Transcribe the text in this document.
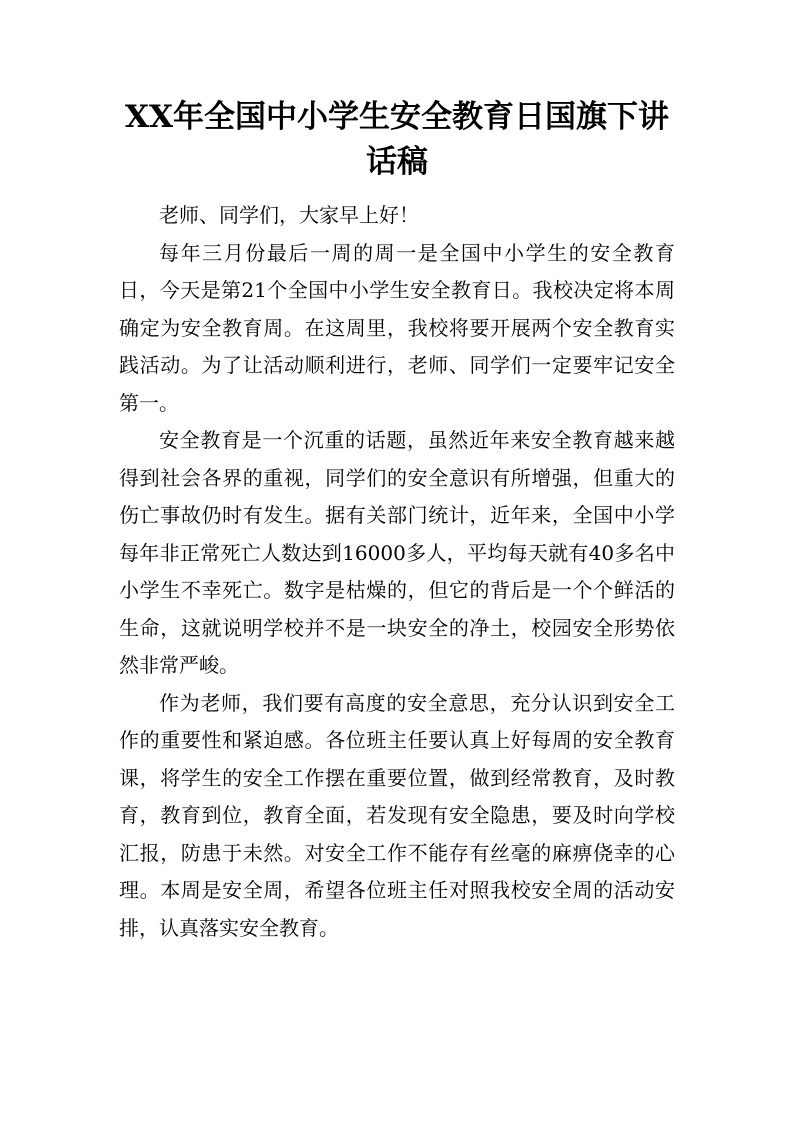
XX年全国中小学生安全教育日国旗下讲话稿

老师、同学们，大家早上好！

每年三月份最后一周的周一是全国中小学生的安全教育日，今天是第21个全国中小学生安全教育日。我校决定将本周确定为安全教育周。在这周里，我校将要开展两个安全教育实践活动。为了让活动顺利进行，老师、同学们一定要牢记安全第一。

安全教育是一个沉重的话题，虽然近年来安全教育越来越得到社会各界的重视，同学们的安全意识有所增强，但重大的伤亡事故仍时有发生。据有关部门统计，近年来，全国中小学每年非正常死亡人数达到16000多人，平均每天就有40多名中小学生不幸死亡。数字是枯燥的，但它的背后是一个个鲜活的生命，这就说明学校并不是一块安全的净土，校园安全形势依然非常严峻。

作为老师，我们要有高度的安全意思，充分认识到安全工作的重要性和紧迫感。各位班主任要认真上好每周的安全教育课，将学生的安全工作摆在重要位置，做到经常教育，及时教育，教育到位，教育全面，若发现有安全隐患，要及时向学校汇报，防患于未然。对安全工作不能存有丝毫的麻痹侥幸的心理。本周是安全周，希望各位班主任对照我校安全周的活动安排，认真落实安全教育。
